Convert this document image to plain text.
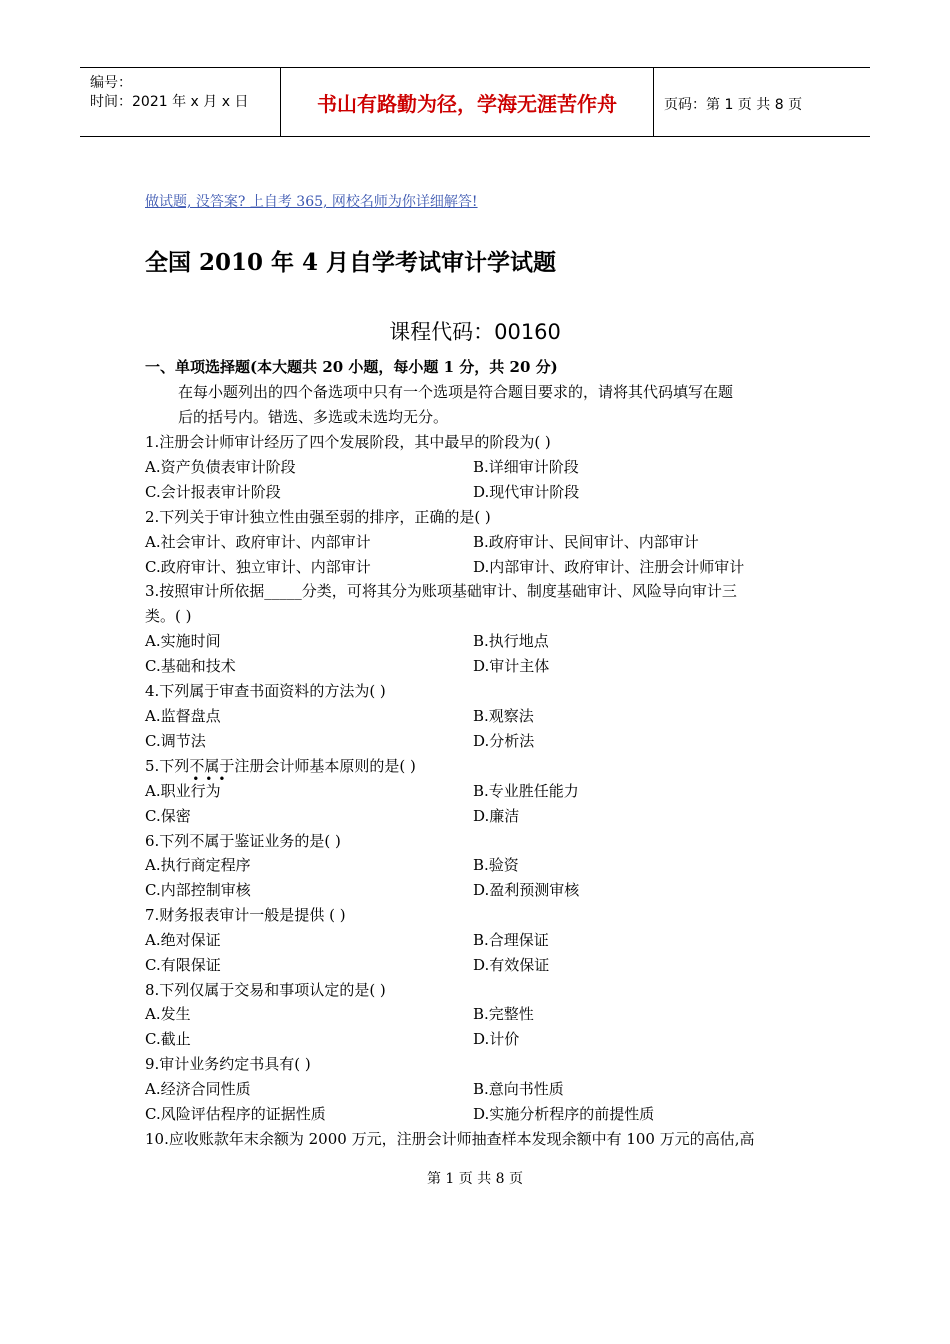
编号：
时间：2021 年 x 月 x 日	书山有路勤为径，学海无涯苦作舟	页码：第 1 页 共 8 页
做试题, 没答案? 上自考 365, 网校名师为你详细解答!
全国 2010 年 4 月自学考试审计学试题
课程代码：00160
一、单项选择题(本大题共 20 小题，每小题 1 分，共 20 分)
在每小题列出的四个备选项中只有一个选项是符合题目要求的，请将其代码填写在题
后的括号内。错选、多选或未选均无分。
1.注册会计师审计经历了四个发展阶段，其中最早的阶段为( )
A.资产负债表审计阶段	B.详细审计阶段
C.会计报表审计阶段	D.现代审计阶段
2.下列关于审计独立性由强至弱的排序，正确的是( )
A.社会审计、政府审计、内部审计	B.政府审计、民间审计、内部审计
C.政府审计、独立审计、内部审计	D.内部审计、政府审计、注册会计师审计
3.按照审计所依据_____分类，可将其分为账项基础审计、制度基础审计、风险导向审计三
类。( )
A.实施时间	B.执行地点
C.基础和技术	D.审计主体
4.下列属于审查书面资料的方法为( )
A.监督盘点	B.观察法
C.调节法	D.分析法
5.下列不属于
•••
注册会计师基本原则的是( )
A.职业行为	B.专业胜任能力
C.保密	D.廉洁
6.下列不属于鉴证业务的是( )
A.执行商定程序	B.验资
C.内部控制审核	D.盈利预测审核
7.财务报表审计一般是提供 ( )
A.绝对保证	B.合理保证
C.有限保证	D.有效保证
8.下列仅属于交易和事项认定的是( )
A.发生	B.完整性
C.截止	D.计价
9.审计业务约定书具有( )
A.经济合同性质	B.意向书性质
C.风险评估程序的证据性质	D.实施分析程序的前提性质
10.应收账款年末余额为 2000 万元，注册会计师抽查样本发现余额中有 100 万元的高估,高
第 1 页 共 8 页
